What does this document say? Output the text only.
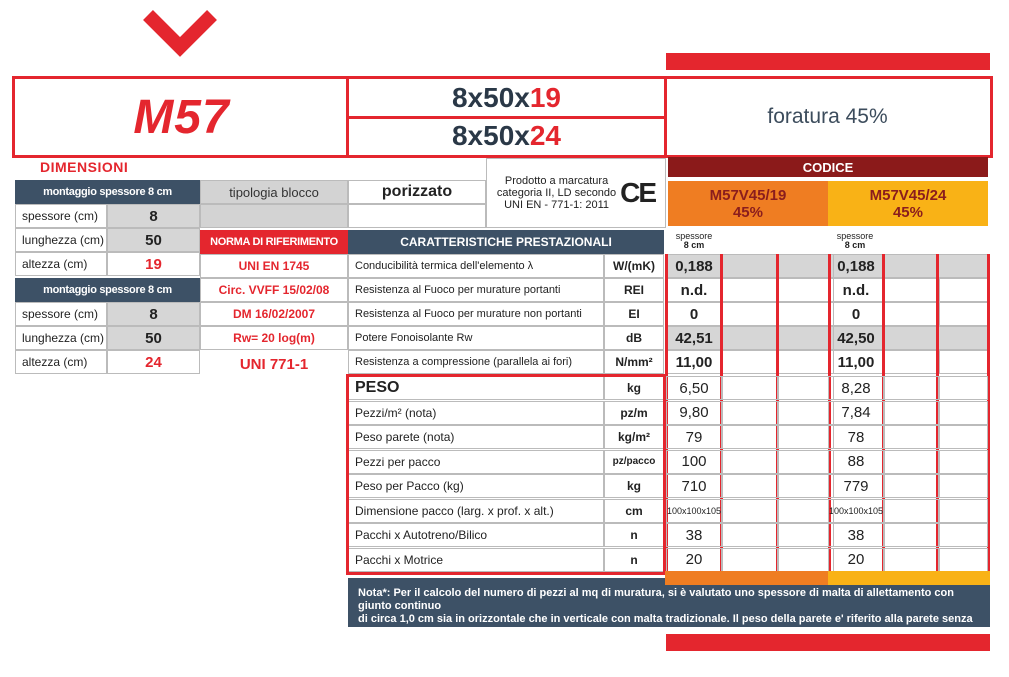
M57	8x50x 19
8x50x 24
foratura 45%
DIMENSIONI
montaggio spessore 8 cm
spessore (cm)	8
lunghezza (cm)	50
altezza (cm)	19
montaggio spessore 8 cm
spessore (cm)	8
lunghezza (cm)	50
altezza (cm)	24
tipologia blocco	porizzato
Prodotto a marcatura
categoria II, LD secondo
UNI EN - 771-1: 2011 CE
CODICE
M57V45/19
45%
M57V45/24
45%
NORMA DI RIFERIMENTO
UNI EN 1745
Circ. VVFF 15/02/08
DM 16/02/2007
Rw= 20 log(m)
UNI 771-1
CARATTERISTICHE PRESTAZIONALI	spessore
8 cm
spessore
8 cm
Conducibilità termica dell'elemento λ	W/(mK)	0,188	0,188
Resistenza al Fuoco per murature portanti	REI	n.d.	n.d.
Resistenza al Fuoco per murature non portanti	EI	0	0
Potere Fonoisolante Rw	dB	42,51	42,50
Resistenza a compressione (parallela ai fori)	N/mm²	11,00	11,00
PESO	kg	6,50	8,28
Pezzi/m² (nota)	pz/m	9,80	7,84
Peso parete (nota)	kg/m²	79	78
Pezzi per pacco	pz/pacco	100	88
Peso per Pacco (kg)	kg	710	779
Dimensione pacco (larg. x prof. x alt.)	cm	100x100x105	100x100x105
Pacchi x Autotreno/Bilico	n	38	38
Pacchi x Motrice	n	20	20
Nota*: Per il calcolo del numero di pezzi al mq di muratura, si è valutato uno spessore di malta di allettamento con giunto continuo
di circa 1,0 cm sia in orizzontale che in verticale con malta tradizionale. Il peso della parete e' riferito alla parete senza intonaco
